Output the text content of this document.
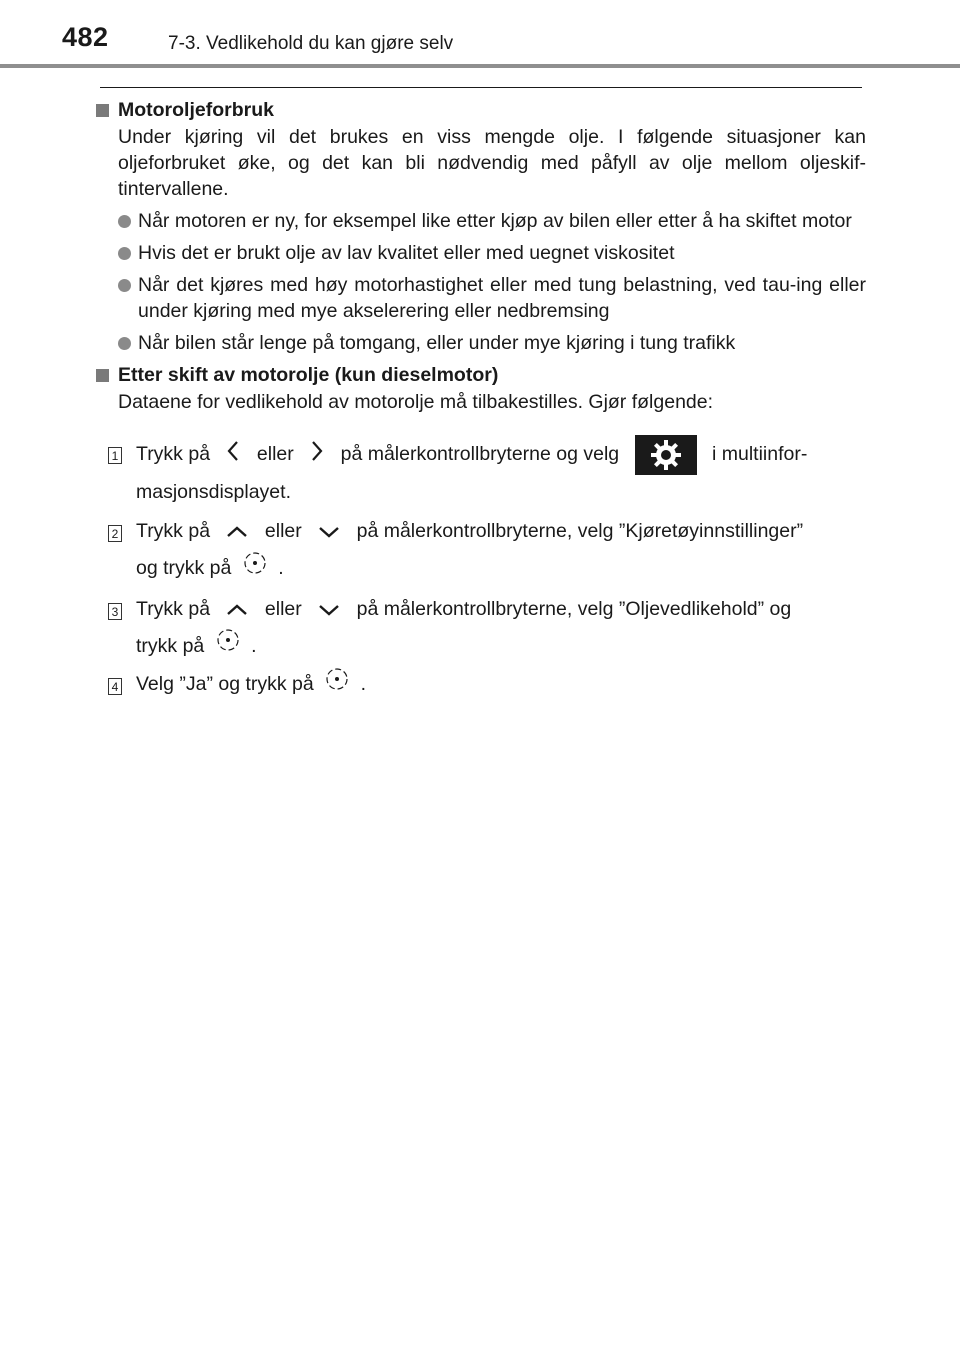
482	7-3. Vedlikehold du kan gjøre selv
Motoroljeforbruk
Under kjøring vil det brukes en viss mengde olje. I følgende situasjoner kan oljeforbruket øke, og det kan bli nødvendig med påfyll av olje mellom oljeskif-tintervallene.
Når motoren er ny, for eksempel like etter kjøp av bilen eller etter å ha skiftet motor
Hvis det er brukt olje av lav kvalitet eller med uegnet viskositet
Når det kjøres med høy motorhastighet eller med tung belastning, ved tau-ing eller under kjøring med mye akselerering eller nedbremsing
Når bilen står lenge på tomgang, eller under mye kjøring i tung trafikk
Etter skift av motorolje (kun dieselmotor)
Dataene for vedlikehold av motorolje må tilbakestilles. Gjør følgende:
1 Trykk på eller på målerkontrollbryterne og velg	i multiinfor-
masjonsdisplayet.
2 Trykk på	eller	på målerkontrollbryterne, velg ”Kjøretøyinnstillinger”
og trykk på .
3 Trykk på	eller	på målerkontrollbryterne, velg ”Oljevedlikehold” og
trykk på .
4 Velg ”Ja” og trykk på .
